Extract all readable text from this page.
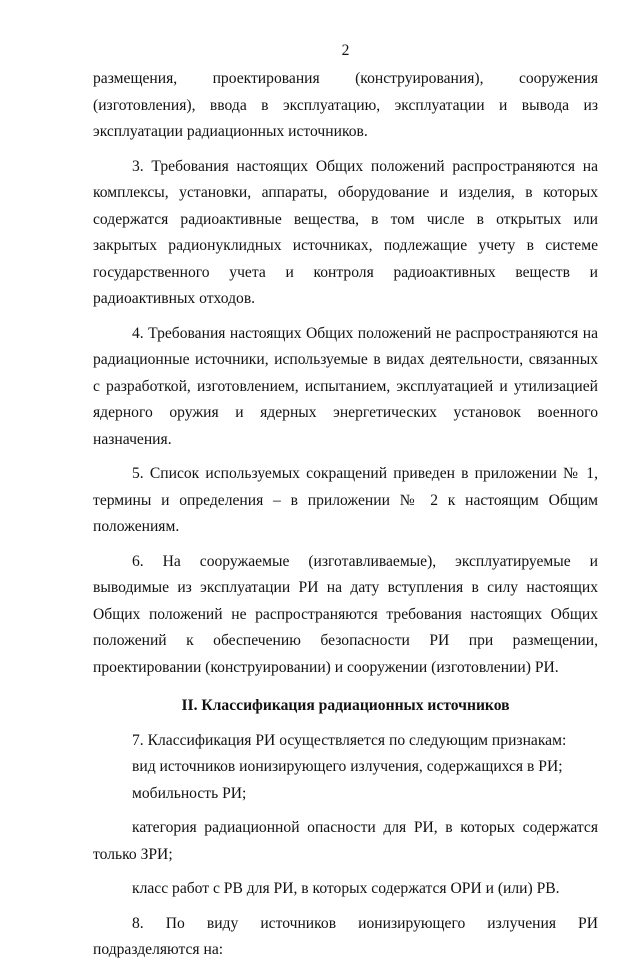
2

размещения, проектирования (конструирования), сооружения (изготовления), ввода в эксплуатацию, эксплуатации и вывода из эксплуатации радиационных источников.

3. Требования настоящих Общих положений распространяются на комплексы, установки, аппараты, оборудование и изделия, в которых содержатся радиоактивные вещества, в том числе в открытых или закрытых радионуклидных источниках, подлежащие учету в системе государственного учета и контроля радиоактивных веществ и радиоактивных отходов.

4. Требования настоящих Общих положений не распространяются на радиационные источники, используемые в видах деятельности, связанных с разработкой, изготовлением, испытанием, эксплуатацией и утилизацией ядерного оружия и ядерных энергетических установок военного назначения.

5. Список используемых сокращений приведен в приложении № 1, термины и определения – в приложении № 2 к настоящим Общим положениям.

6. На сооружаемые (изготавливаемые), эксплуатируемые и выводимые из эксплуатации РИ на дату вступления в силу настоящих Общих положений не распространяются требования настоящих Общих положений к обеспечению безопасности РИ при размещении, проектировании (конструировании) и сооружении (изготовлении) РИ.

II. Классификация радиационных источников

7. Классификация РИ осуществляется по следующим признакам:

вид источников ионизирующего излучения, содержащихся в РИ;

мобильность РИ;

категория радиационной опасности для РИ, в которых содержатся только ЗРИ;

класс работ с РВ для РИ, в которых содержатся ОРИ и (или) РВ.

8. По виду источников ионизирующего излучения РИ подразделяются на:
